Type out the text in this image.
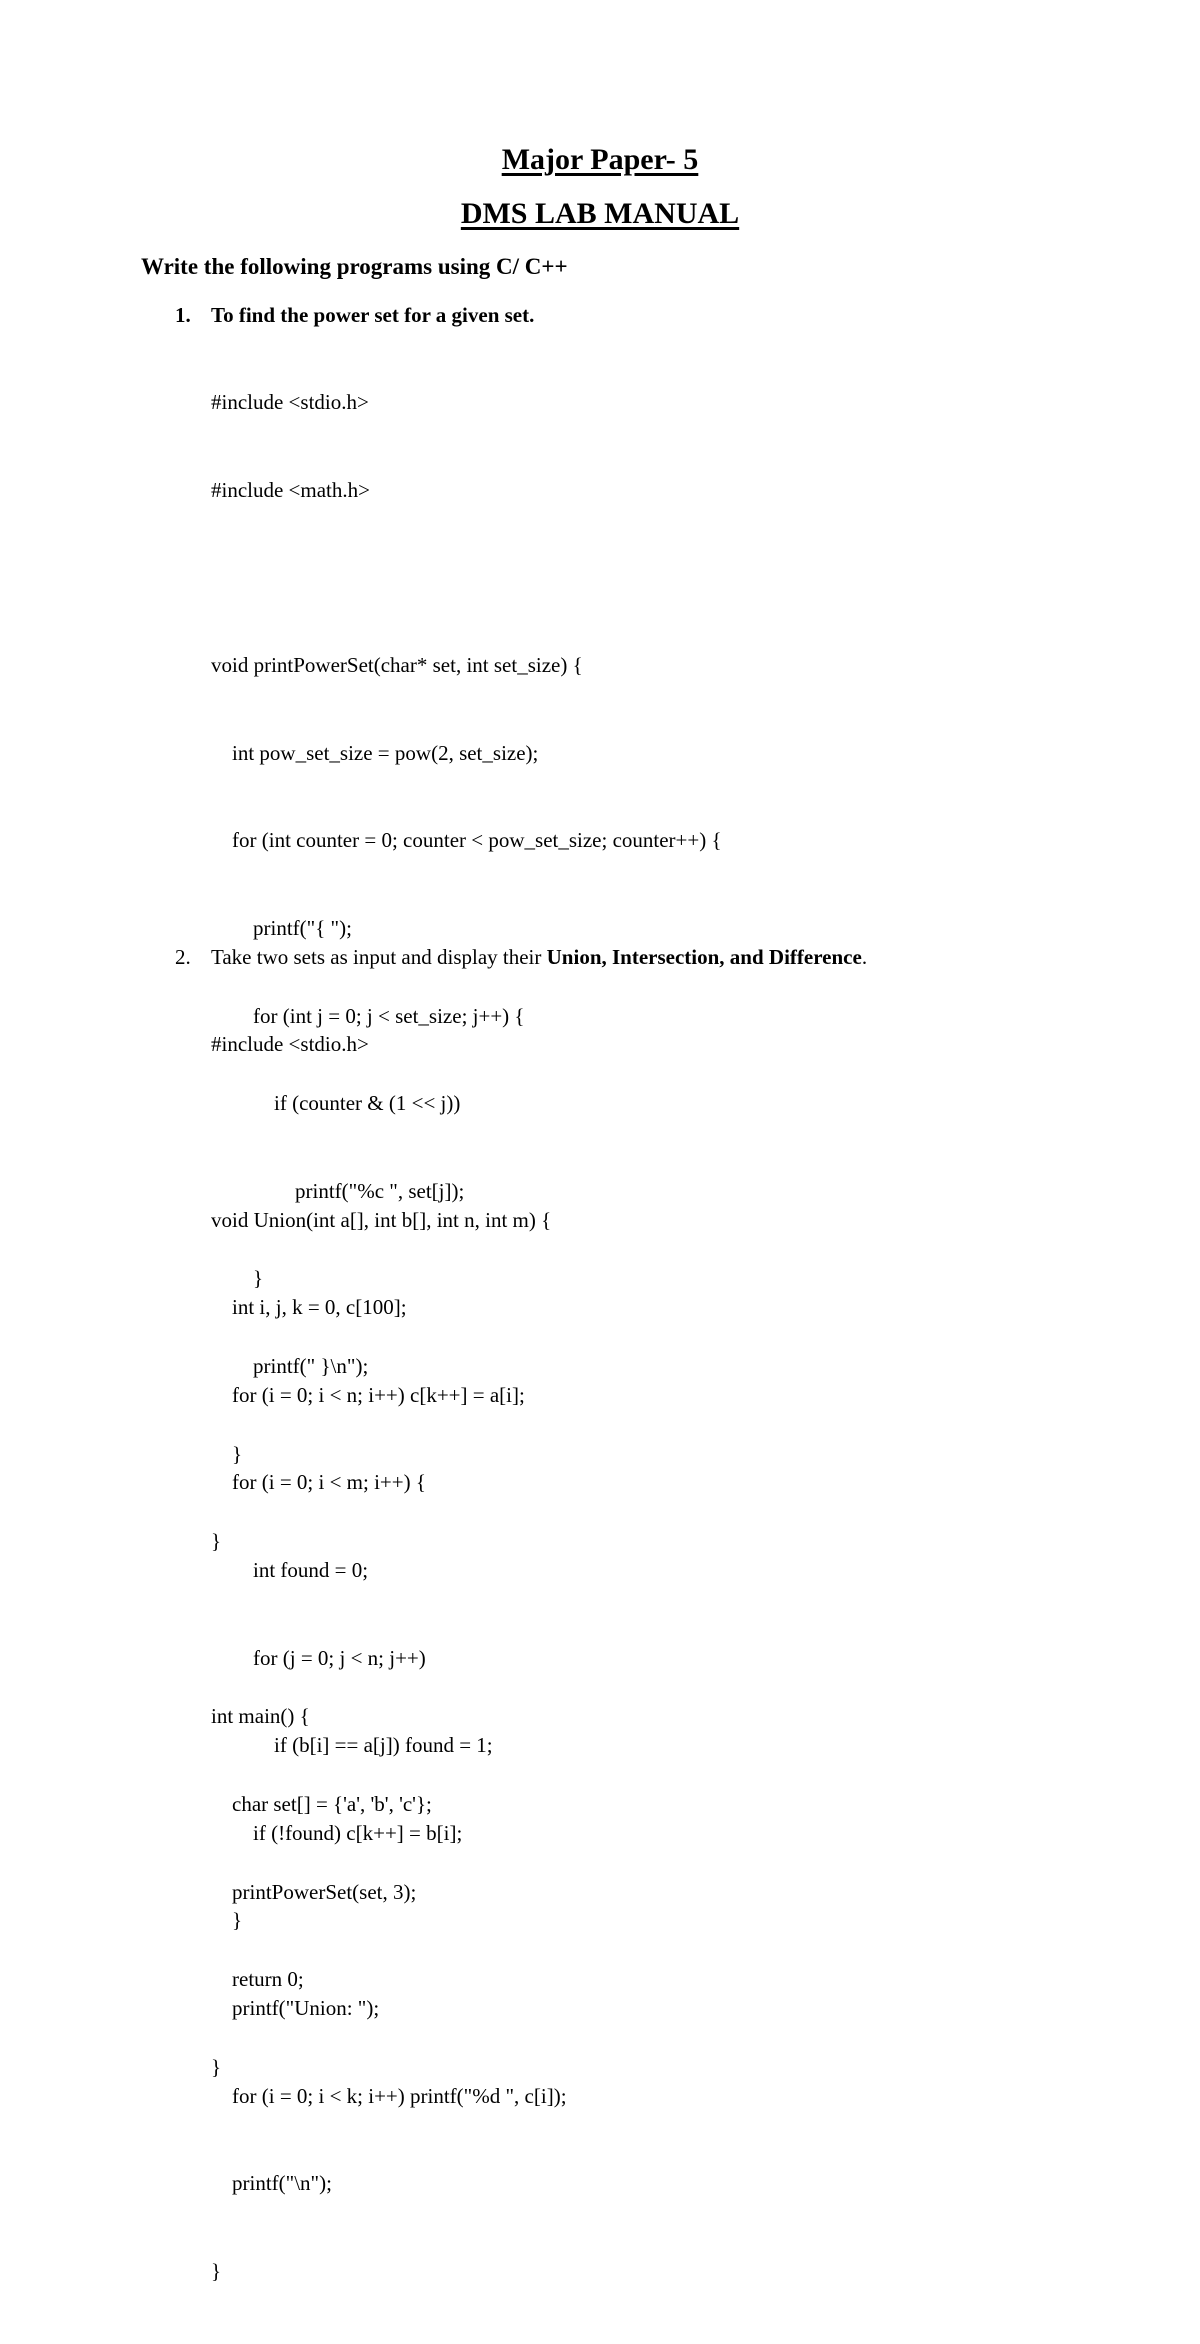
Major Paper- 5
DMS LAB MANUAL
Write the following programs using C/ C++
1. To find the power set for a given set.

#include <stdio.h>

#include <math.h>

void printPowerSet(char* set, int set_size) {

int pow_set_size = pow(2, set_size);

for (int counter = 0; counter < pow_set_size; counter++) {

printf("{ ");

for (int j = 0; j < set_size; j++) {

if (counter & (1 << j))

printf("%c ", set[j]);

}

printf(" }\n");

}

}

int main() {

char set[] = {'a', 'b', 'c'};

printPowerSet(set, 3);

return 0;

}

2. Take two sets as input and display their Union, Intersection, and Difference.

#include <stdio.h>

void Union(int a[], int b[], int n, int m) {

int i, j, k = 0, c[100];

for (i = 0; i < n; i++) c[k++] = a[i];

for (i = 0; i < m; i++) {

int found = 0;

for (j = 0; j < n; j++)

if (b[i] == a[j]) found = 1;

if (!found) c[k++] = b[i];

}

printf("Union: ");

for (i = 0; i < k; i++) printf("%d ", c[i]);

printf("\n");

}
